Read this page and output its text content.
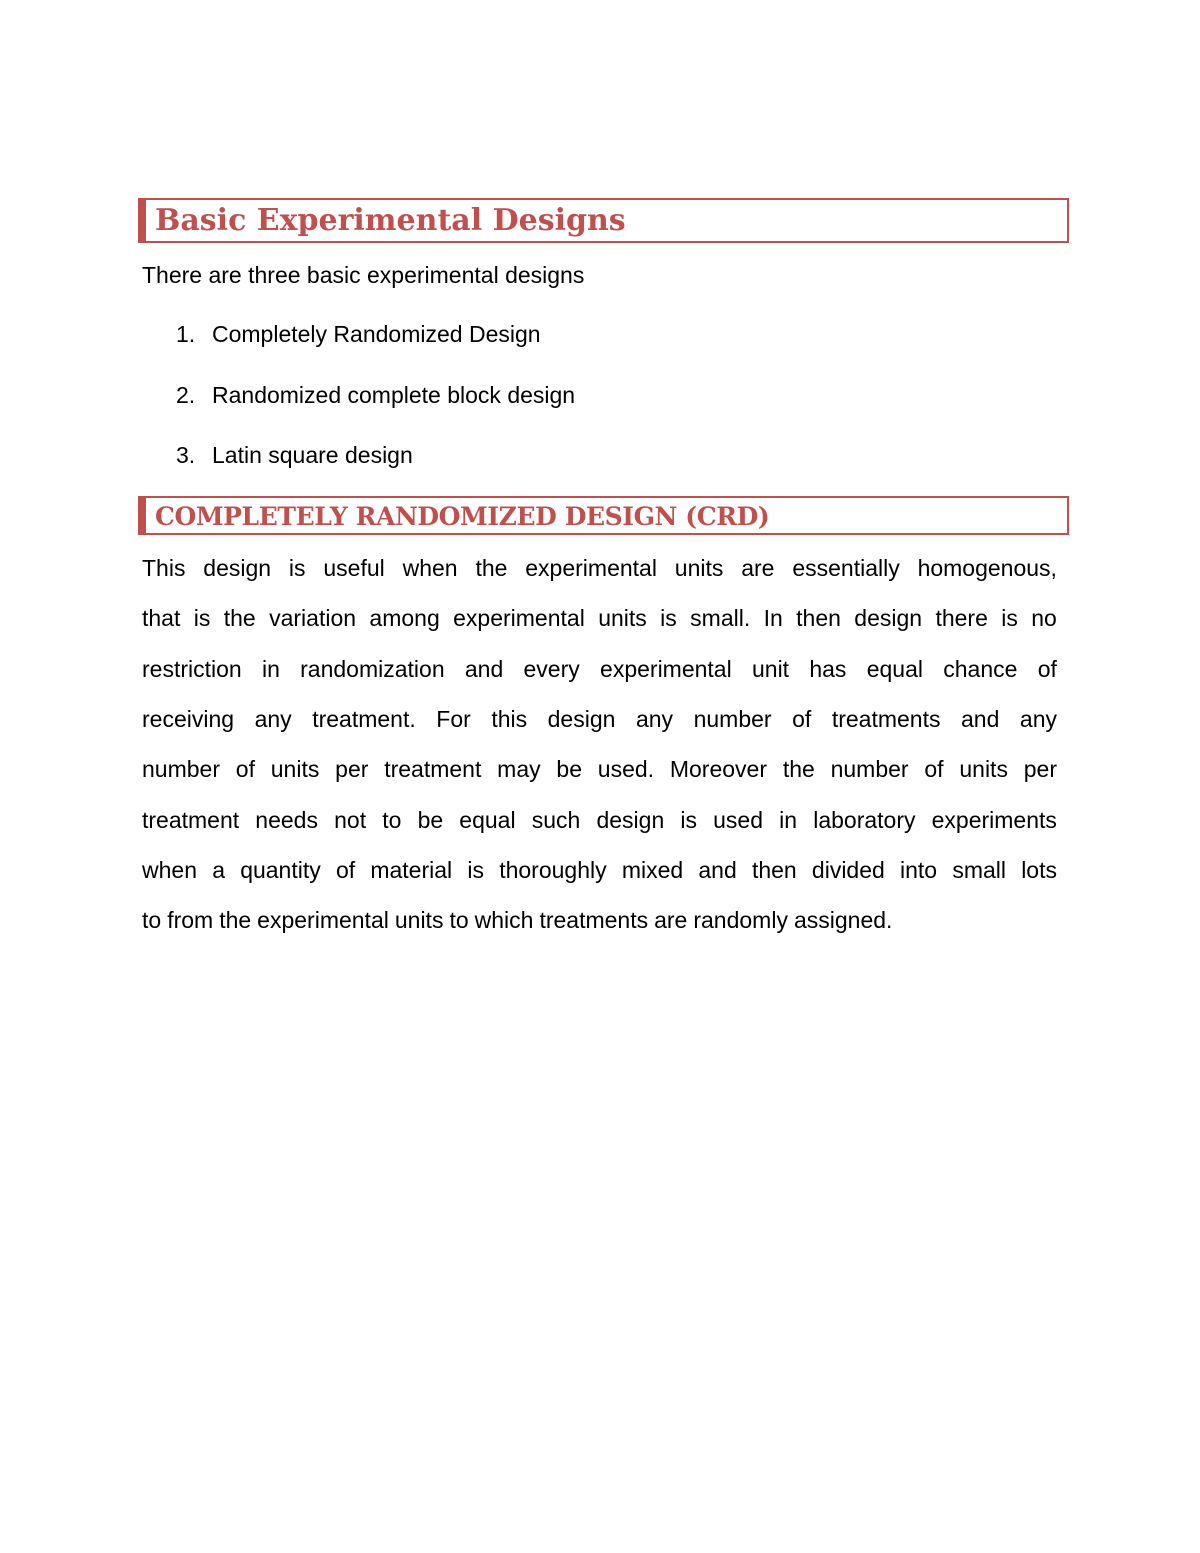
Basic Experimental Designs
There are three basic experimental designs
1. Completely Randomized Design
2. Randomized complete block design
3. Latin square design
COMPLETELY RANDOMIZED DESIGN (CRD)
This design is useful when the experimental units are essentially homogenous,
that is the variation among experimental units is small. In then design there is no
restriction in randomization and every experimental unit has equal chance of
receiving any treatment. For this design any number of treatments and any
number of units per treatment may be used. Moreover the number of units per
treatment needs not to be equal such design is used in laboratory experiments
when a quantity of material is thoroughly mixed and then divided into small lots
to from the experimental units to which treatments are randomly assigned.
